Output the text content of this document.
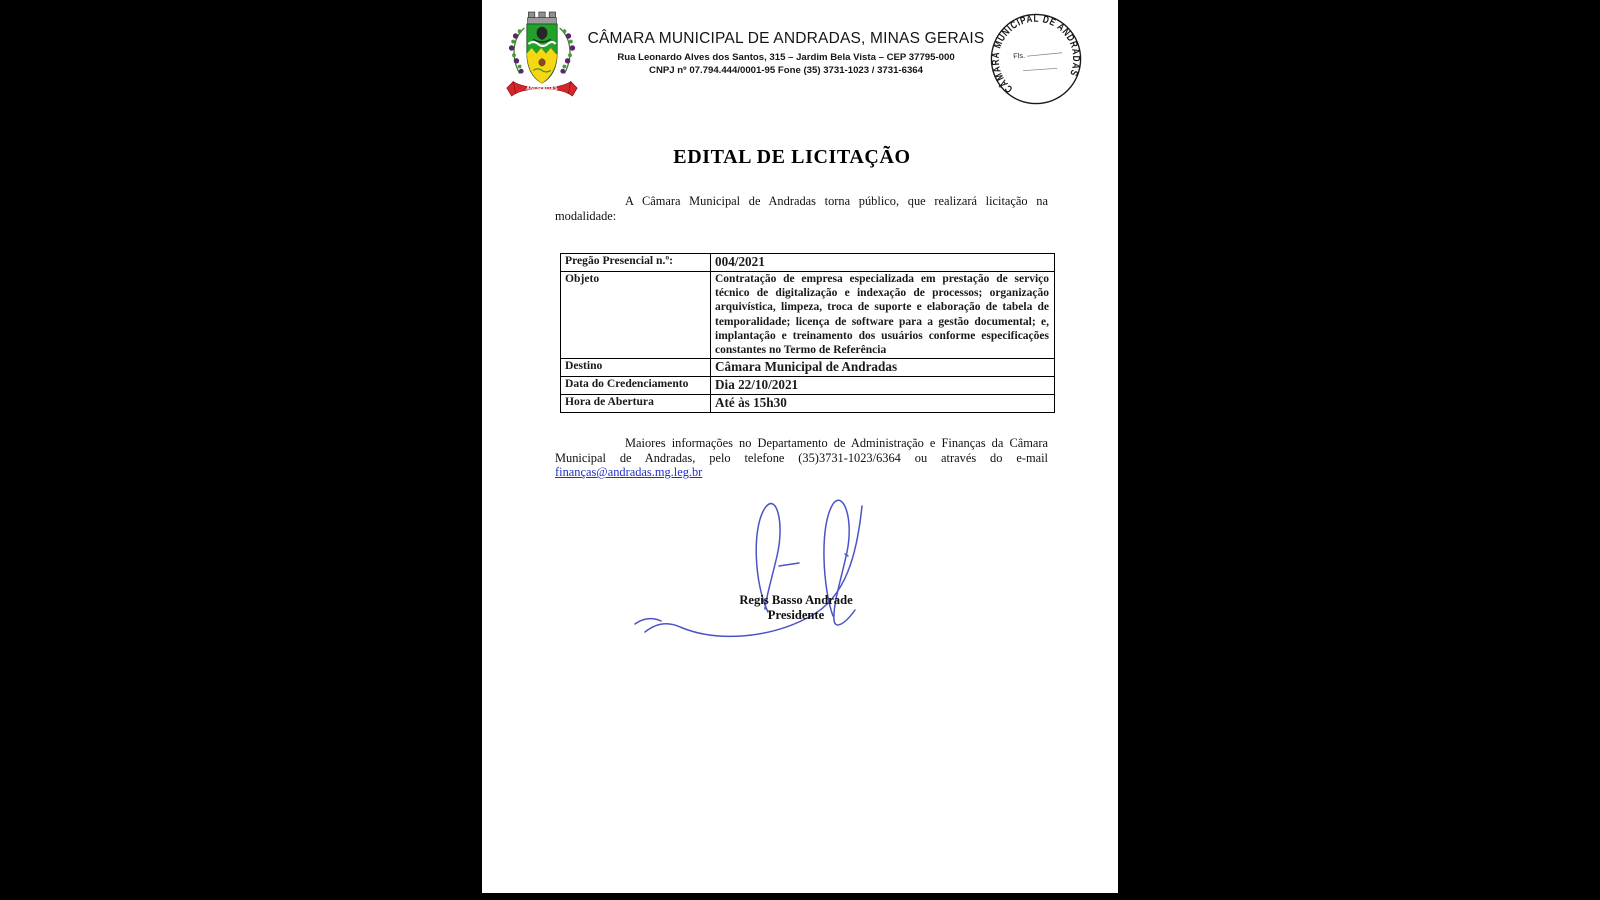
ANDRADAS
CÂMARA MUNICIPAL DE ANDRADAS, MINAS GERAIS
Rua Leonardo Alves dos Santos, 315 – Jardim Bela Vista – CEP 37795-000
CNPJ nº 07.794.444/0001-95 Fone (35) 3731-1023 / 3731-6364
CÂMARA MUNICIPAL DE ANDRADAS
Fls.
EDITAL DE LICITAÇÃO

A Câmara Municipal de Andradas torna público, que realizará licitação na modalidade:

Pregão Presencial n.º:	004/2021
Objeto	Contratação de empresa especializada em prestação de serviço técnico de digitalização e indexação de processos; organização arquivística, limpeza, troca de suporte e elaboração de tabela de temporalidade; licença de software para a gestão documental; e, implantação e treinamento dos usuários conforme especificações constantes no Termo de Referência
Destino	Câmara Municipal de Andradas
Data do Credenciamento	Dia 22/10/2021
Hora de Abertura	Até às 15h30

Maiores informações no Departamento de Administração e Finanças da Câmara Municipal de Andradas, pelo telefone (35)3731-1023/6364 ou através do e-mail finanças@andradas.mg.leg.br

Regis Basso Andrade
Presidente
